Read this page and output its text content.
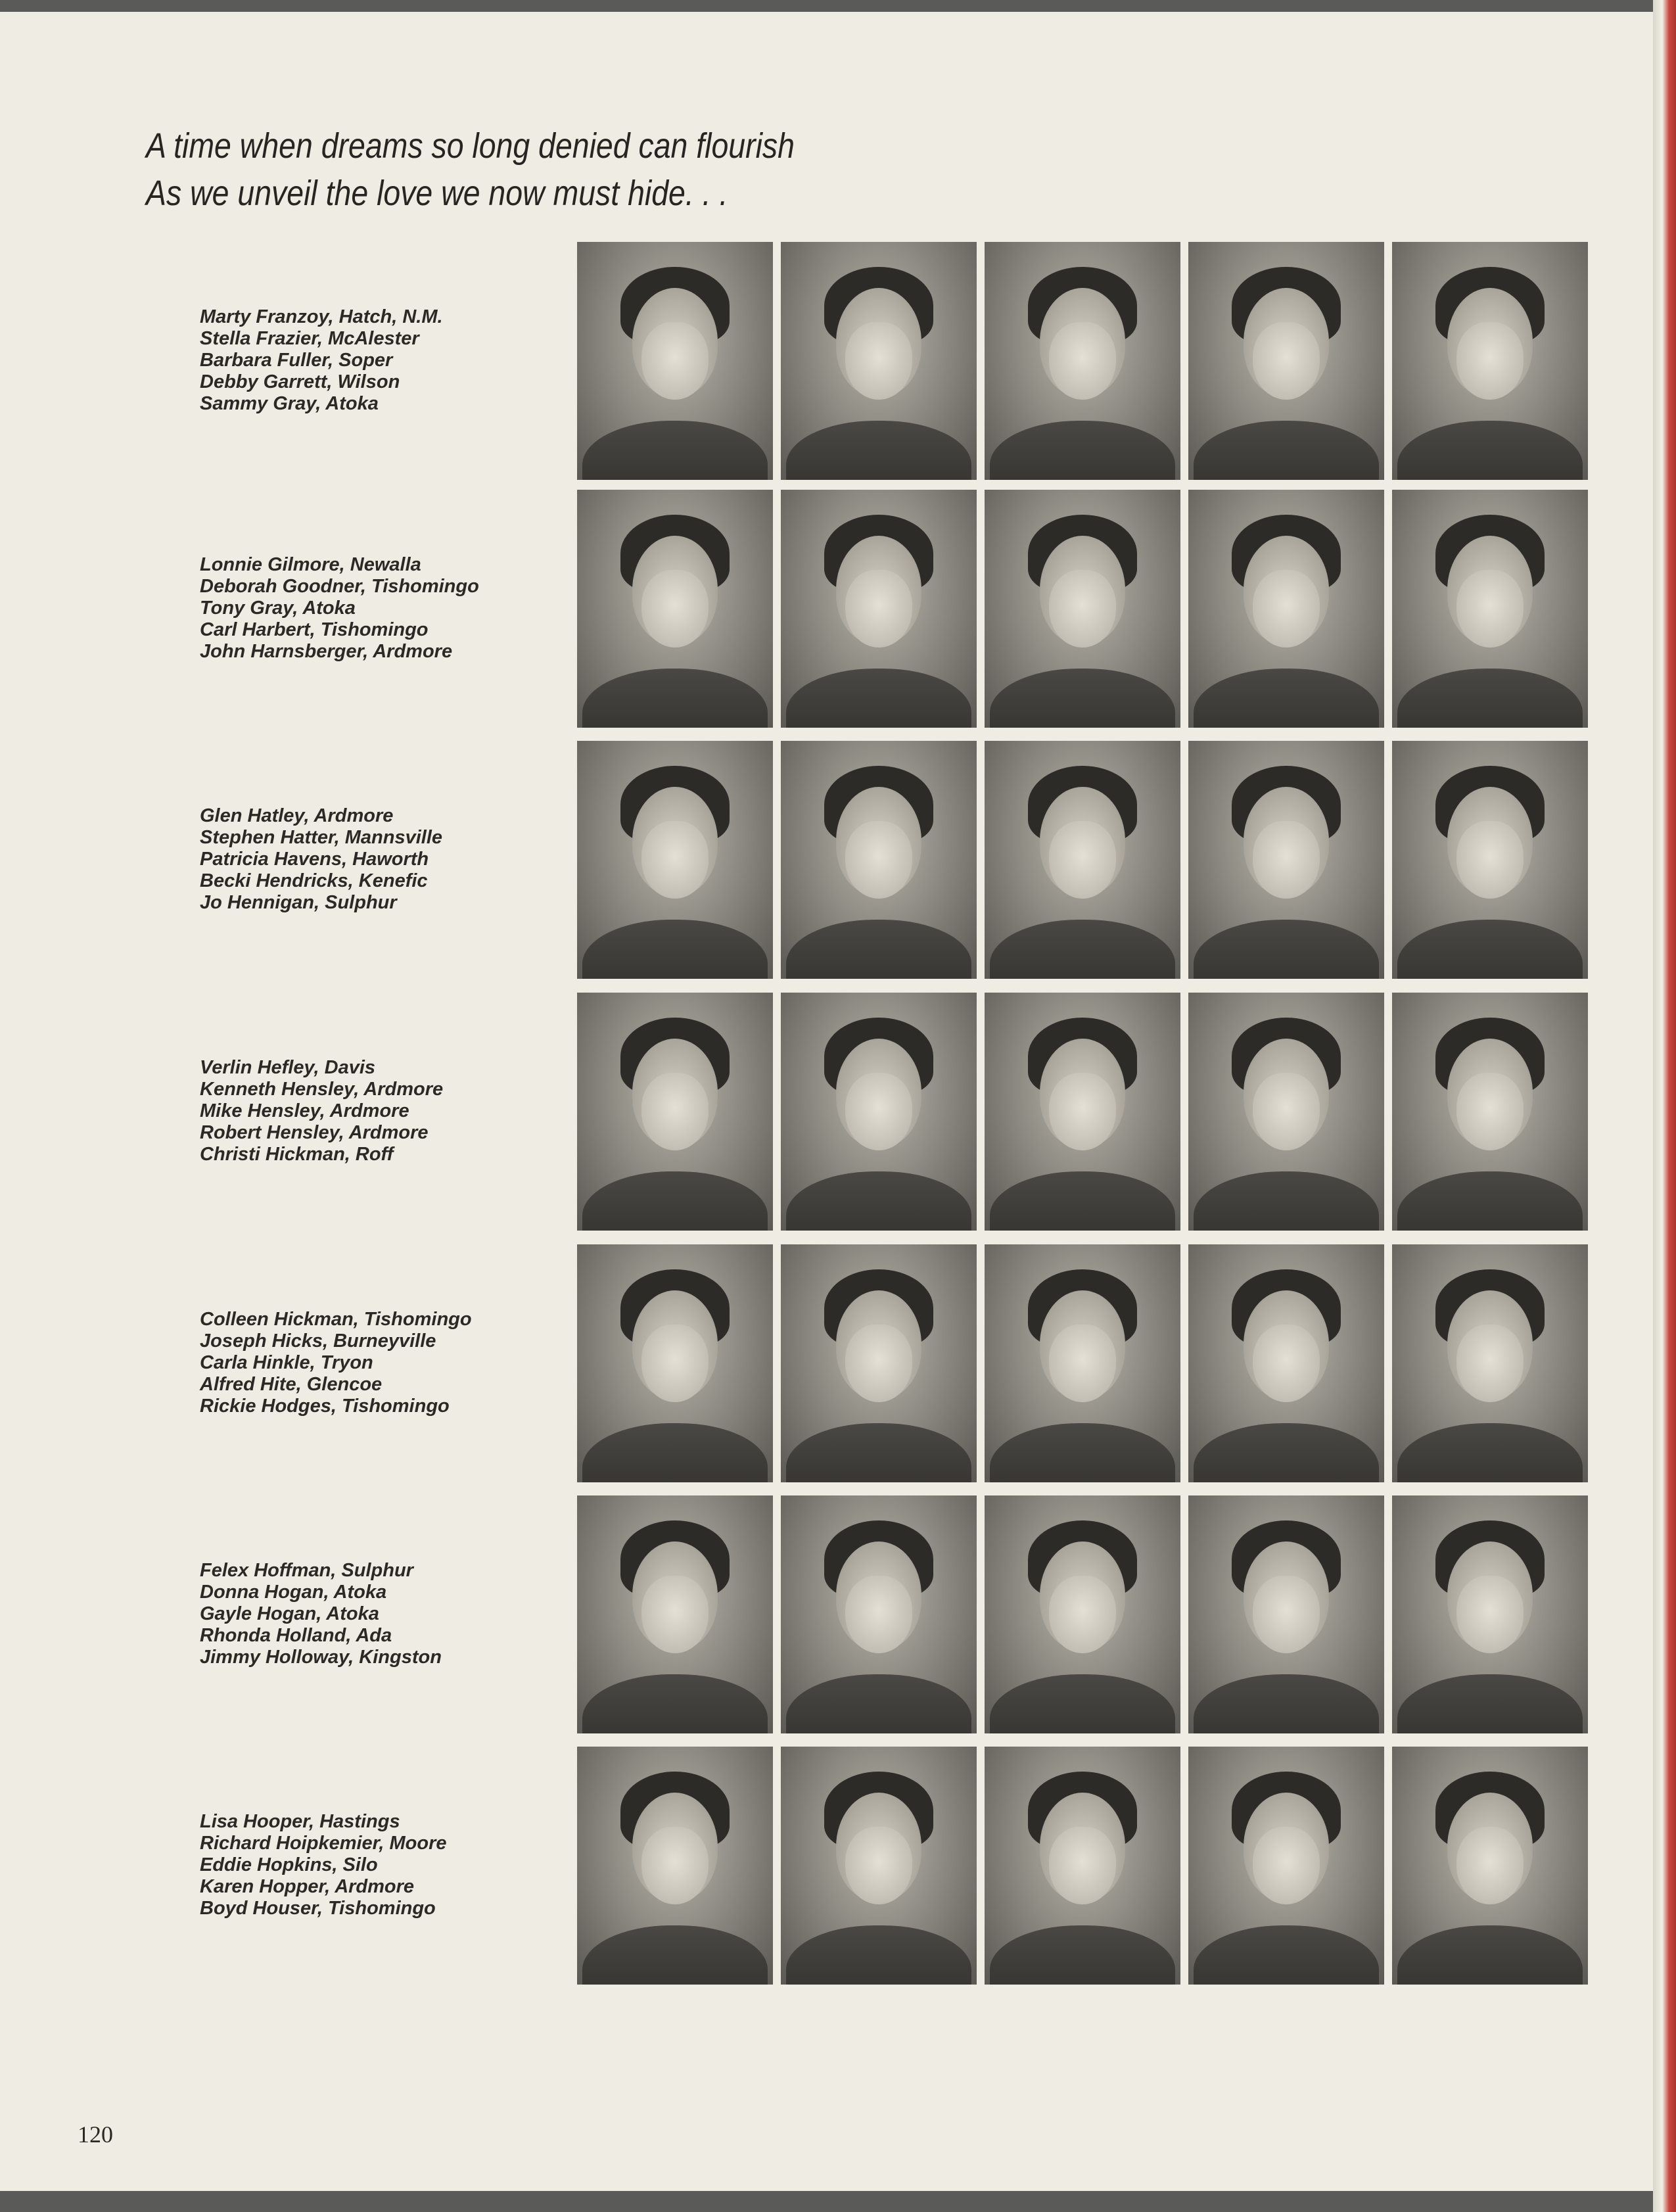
A time when dreams so long denied can flourish
As we unveil the love we now must hide. . .
Marty Franzoy, Hatch, N.M.
Stella Frazier, McAlester
Barbara Fuller, Soper
Debby Garrett, Wilson
Sammy Gray, Atoka
Lonnie Gilmore, Newalla
Deborah Goodner, Tishomingo
Tony Gray, Atoka
Carl Harbert, Tishomingo
John Harnsberger, Ardmore
Glen Hatley, Ardmore
Stephen Hatter, Mannsville
Patricia Havens, Haworth
Becki Hendricks, Kenefic
Jo Hennigan, Sulphur
Verlin Hefley, Davis
Kenneth Hensley, Ardmore
Mike Hensley, Ardmore
Robert Hensley, Ardmore
Christi Hickman, Roff
Colleen Hickman, Tishomingo
Joseph Hicks, Burneyville
Carla Hinkle, Tryon
Alfred Hite, Glencoe
Rickie Hodges, Tishomingo
Felex Hoffman, Sulphur
Donna Hogan, Atoka
Gayle Hogan, Atoka
Rhonda Holland, Ada
Jimmy Holloway, Kingston
Lisa Hooper, Hastings
Richard Hoipkemier, Moore
Eddie Hopkins, Silo
Karen Hopper, Ardmore
Boyd Houser, Tishomingo
120
